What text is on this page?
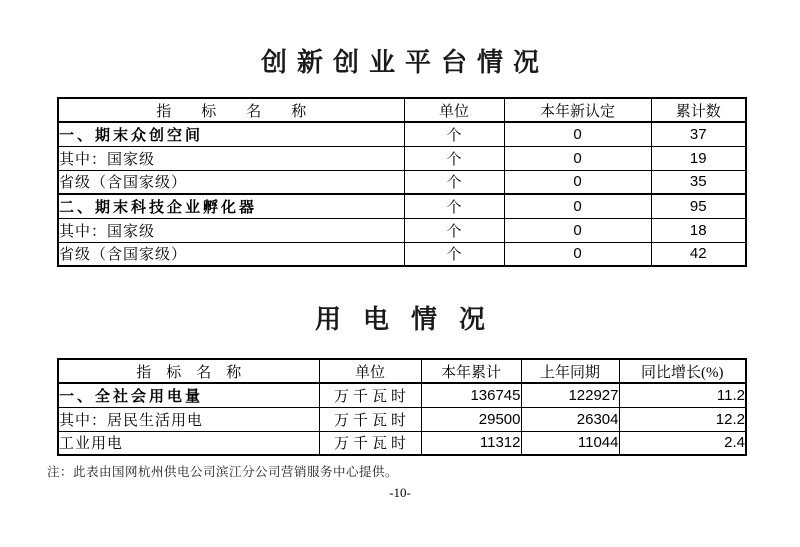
创新创业平台情况
指　　标　　名　　称	单位	本年新认定	累计数
一、期末众创空间	个	0	37
其中：国家级	个	0	19
省级（含国家级）	个	0	35
二、期末科技企业孵化器	个	0	95
其中：国家级	个	0	18
省级（含国家级）	个	0	42
用电情况
指　标　名　称	单位	本年累计	上年同期	同比增长(%)
一、全社会用电量	万千瓦时	136745	122927	11.2
其中：居民生活用电	万千瓦时	29500	26304	12.2
工业用电	万千瓦时	11312	11044	2.4
注：此表由国网杭州供电公司滨江分公司营销服务中心提供。
-10-
